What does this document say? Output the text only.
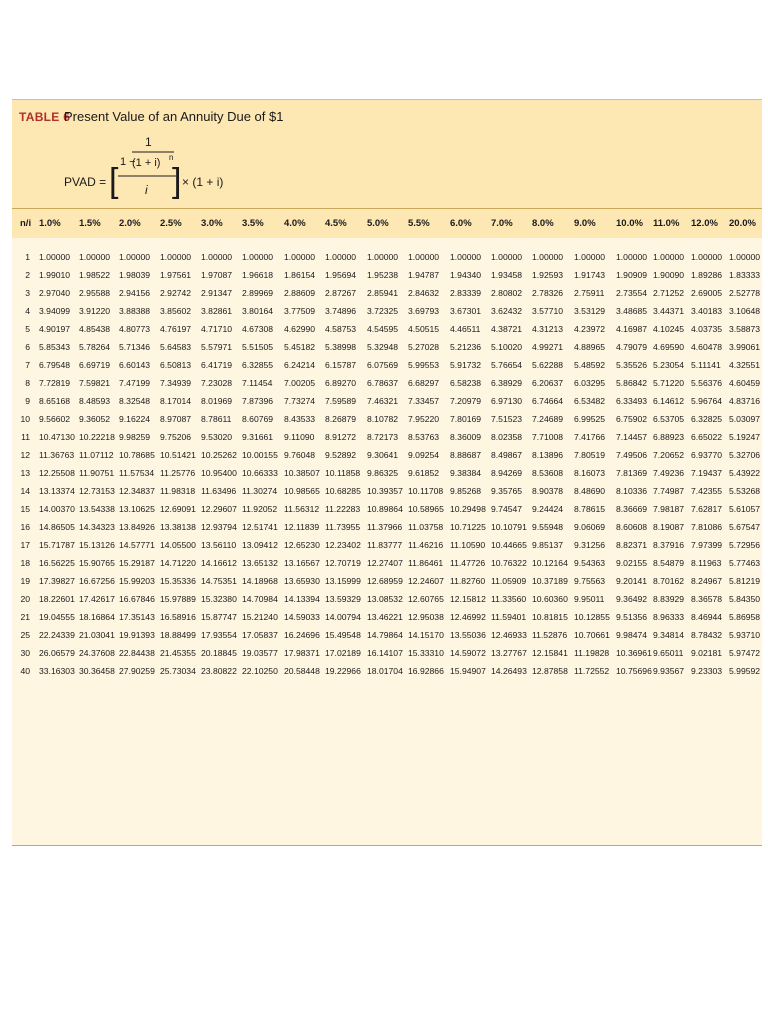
TABLE 6
Present Value of an Annuity Due of $1
PVAD = [ 1 −
1
(1 + i) n
i ] × (1 + i)
n/i 1.0% 1.5% 2.0% 2.5% 3.0% 3.5% 4.0% 4.5% 5.0% 5.5% 6.0% 7.0% 8.0% 9.0% 10.0% 11.0% 12.0% 20.0%
1 1.00000 1.00000 1.00000 1.00000 1.00000 1.00000 1.00000 1.00000 1.00000 1.00000 1.00000 1.00000 1.00000 1.00000 1.00000 1.00000 1.00000 1.00000
2 1.99010 1.98522 1.98039 1.97561 1.97087 1.96618 1.86154 1.95694 1.95238 1.94787 1.94340 1.93458 1.92593 1.91743 1.90909 1.90090 1.89286 1.83333
3 2.97040 2.95588 2.94156 2.92742 2.91347 2.89969 2.88609 2.87267 2.85941 2.84632 2.83339 2.80802 2.78326 2.75911 2.73554 2.71252 2.69005 2.52778
4 3.94099 3.91220 3.88388 3.85602 3.82861 3.80164 3.77509 3.74896 3.72325 3.69793 3.67301 3.62432 3.57710 3.53129 3.48685 3.44371 3.40183 3.10648
5 4.90197 4.85438 4.80773 4.76197 4.71710 4.67308 4.62990 4.58753 4.54595 4.50515 4.46511 4.38721 4.31213 4.23972 4.16987 4.10245 4.03735 3.58873
6 5.85343 5.78264 5.71346 5.64583 5.57971 5.51505 5.45182 5.38998 5.32948 5.27028 5.21236 5.10020 4.99271 4.88965 4.79079 4.69590 4.60478 3.99061
7 6.79548 6.69719 6.60143 6.50813 6.41719 6.32855 6.24214 6.15787 6.07569 5.99553 5.91732 5.76654 5.62288 5.48592 5.35526 5.23054 5.11141 4.32551
8 7.72819 7.59821 7.47199 7.34939 7.23028 7.11454 7.00205 6.89270 6.78637 6.68297 6.58238 6.38929 6.20637 6.03295 5.86842 5.71220 5.56376 4.60459
9 8.65168 8.48593 8.32548 8.17014 8.01969 7.87396 7.73274 7.59589 7.46321 7.33457 7.20979 6.97130 6.74664 6.53482 6.33493 6.14612 5.96764 4.83716
10 9.56602 9.36052 9.16224 8.97087 8.78611 8.60769 8.43533 8.26879 8.10782 7.95220 7.80169 7.51523 7.24689 6.99525 6.75902 6.53705 6.32825 5.03097
11 10.47130 10.22218 9.98259 9.75206 9.53020 9.31661 9.11090 8.91272 8.72173 8.53763 8.36009 8.02358 7.71008 7.41766 7.14457 6.88923 6.65022 5.19247
12 11.36763 11.07112 10.78685 10.51421 10.25262 10.00155 9.76048 9.52892 9.30641 9.09254 8.88687 8.49867 8.13896 7.80519 7.49506 7.20652 6.93770 5.32706
13 12.25508 11.90751 11.57534 11.25776 10.95400 10.66333 10.38507 10.11858 9.86325 9.61852 9.38384 8.94269 8.53608 8.16073 7.81369 7.49236 7.19437 5.43922
14 13.13374 12.73153 12.34837 11.98318 11.63496 11.30274 10.98565 10.68285 10.39357 10.11708 9.85268 9.35765 8.90378 8.48690 8.10336 7.74987 7.42355 5.53268
15 14.00370 13.54338 13.10625 12.69091 12.29607 11.92052 11.56312 11.22283 10.89864 10.58965 10.29498 9.74547 9.24424 8.78615 8.36669 7.98187 7.62817 5.61057
16 14.86505 14.34323 13.84926 13.38138 12.93794 12.51741 12.11839 11.73955 11.37966 11.03758 10.71225 10.10791 9.55948 9.06069 8.60608 8.19087 7.81086 5.67547
17 15.71787 15.13126 14.57771 14.05500 13.56110 13.09412 12.65230 12.23402 11.83777 11.46216 11.10590 10.44665 9.85137 9.31256 8.82371 8.37916 7.97399 5.72956
18 16.56225 15.90765 15.29187 14.71220 14.16612 13.65132 13.16567 12.70719 12.27407 11.86461 11.47726 10.76322 10.12164 9.54363 9.02155 8.54879 8.11963 5.77463
19 17.39827 16.67256 15.99203 15.35336 14.75351 14.18968 13.65930 13.15999 12.68959 12.24607 11.82760 11.05909 10.37189 9.75563 9.20141 8.70162 8.24967 5.81219
20 18.22601 17.42617 16.67846 15.97889 15.32380 14.70984 14.13394 13.59329 13.08532 12.60765 12.15812 11.33560 10.60360 9.95011 9.36492 8.83929 8.36578 5.84350
21 19.04555 18.16864 17.35143 16.58916 15.87747 15.21240 14.59033 14.00794 13.46221 12.95038 12.46992 11.59401 10.81815 10.12855 9.51356 8.96333 8.46944 5.86958
25 22.24339 21.03041 19.91393 18.88499 17.93554 17.05837 16.24696 15.49548 14.79864 14.15170 13.55036 12.46933 11.52876 10.70661 9.98474 9.34814 8.78432 5.93710
30 26.06579 24.37608 22.84438 21.45355 20.18845 19.03577 17.98371 17.02189 16.14107 15.33310 14.59072 13.27767 12.15841 11.19828 10.36961 9.65011 9.02181 5.97472
40 33.16303 30.36458 27.90259 25.73034 23.80822 22.10250 20.58448 19.22966 18.01704 16.92866 15.94907 14.26493 12.87858 11.72552 10.75696 9.93567 9.23303 5.99592
